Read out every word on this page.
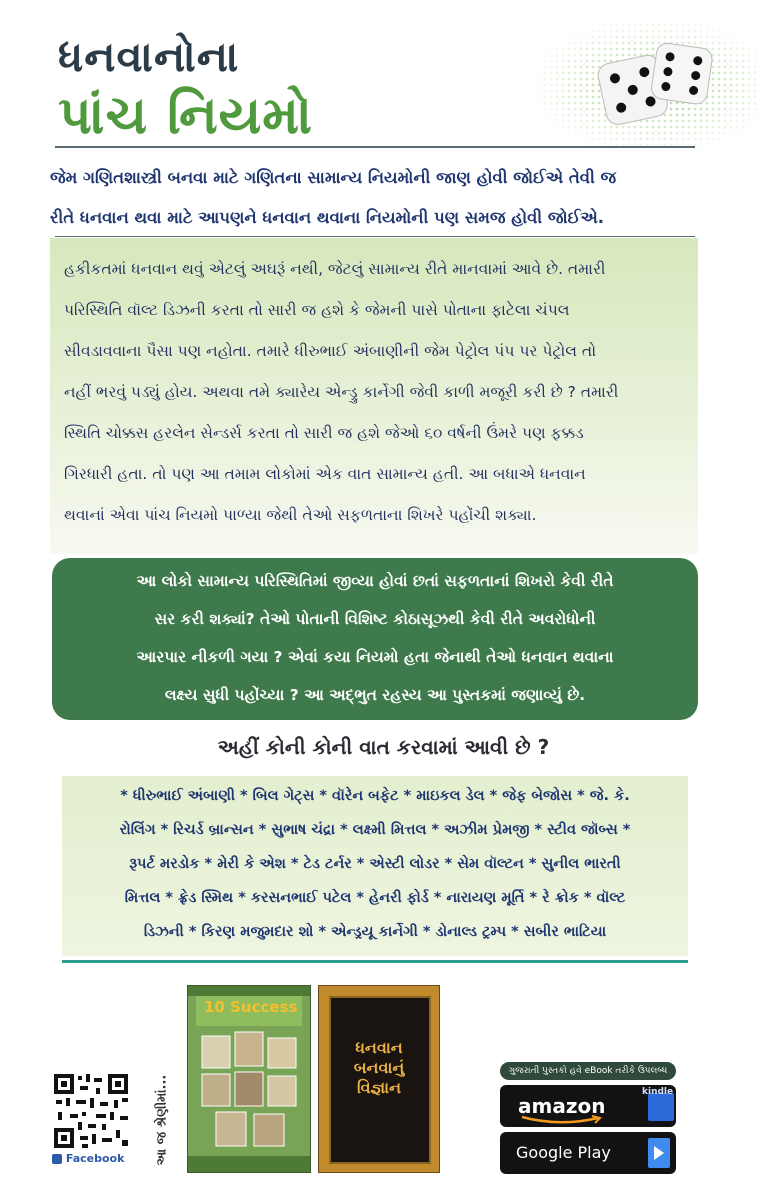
ધનવાનોના
પાંચ નિયમો

જેમ ગણિતશાસ્ત્રી બનવા માટે ગણિતના સામાન્ય નિયમોની જાણ હોવી જોઈએ તેવી જ

રીતે ધનવાન થવા માટે આપણને ધનવાન થવાના નિયમોની પણ સમજ હોવી જોઈએ.

હકીકતમાં ધનવાન થવું એટલું અઘરૂં નથી, જેટલું સામાન્ય રીતે માનવામાં આવે છે. તમારી

પરિસ્થિતિ વૉલ્ટ ડિઝની કરતા તો સારી જ હશે કે જેમની પાસે પોતાના ફાટેલા ચંપલ

સીવડાવવાના પૈસા પણ નહોતા. તમારે ધીરુભાઈ અંબાણીની જેમ પેટ્રોલ પંપ પર પેટ્રોલ તો

નહીં ભરવું પડ્યું હોય. અથવા તમે ક્યારેય એન્ડ્રુ કાર્નેગી જેવી કાળી મજૂરી કરી છે ? તમારી

સ્થિતિ ચોક્કસ હરલેન સેન્ડર્સ કરતા તો સારી જ હશે જેઓ ૬૦ વર્ષની ઉંમરે પણ ફક્કડ

ગિરધારી હતા. તો પણ આ તમામ લોકોમાં એક વાત સામાન્ય હતી. આ બધાએ ધનવાન

થવાનાં એવા પાંચ નિયમો પાળ્યા જેથી તેઓ સફળતાના શિખરે પહોંચી શક્યા.

આ લોકો સામાન્ય પરિસ્થિતિમાં જીવ્યા હોવાં છતાં સફળતાનાં શિખરો કેવી રીતે

સર કરી શક્યાં? તેઓ પોતાની વિશિષ્ટ કોઠાસૂઝથી કેવી રીતે અવરોધોની

આરપાર નીકળી ગયા ? એવાં કયા નિયમો હતા જેનાથી તેઓ ધનવાન થવાના

લક્ષ્ય સુધી પહોંચ્યા ? આ અદ્ભુત રહસ્ય આ પુસ્તકમાં જણાવ્યું છે.

અહીં કોની કોની વાત કરવામાં આવી છે ?

* ધીરુભાઈ અંબાણી * બિલ ગેટ્સ * વૉરેન બફેટ * માઇકલ ડેલ * જેફ બેજોસ * જે. કે.

રોલિંગ * રિચર્ડ બ્રાન્સન * સુભાષ ચંદ્રા * લક્ષ્મી મિત્તલ * અઝીમ પ્રેમજી * સ્ટીવ જૉબ્સ *

રૂપર્ટ મરડોક * મેરી કે એશ * ટેડ ટર્નર * એસ્ટી લોડર * સેમ વૉલ્ટન * સુનીલ ભારતી

મિત્તલ * ફ્રેડ સ્મિથ * કરસનભાઈ પટેલ * હેનરી ફોર્ડ * નારાયણ મૂર્તિ * રે ક્રોક * વૉલ્ટ

ડિઝની * કિરણ મજુમદાર શો * એન્ડ્રયૂ કાર્નેગી * ડોનાલ્ડ ટ્રમ્પ * સબીર ભાટિયા

Facebook	આ જ શ્રેણીમાં...
10 Success
ધનવાન
બનવાનું
વિજ્ઞાન
ગુજરાતી પુસ્તકો હવે eBook તરીકે ઉપલબ્ધ
amazon
kindle
Google Play
